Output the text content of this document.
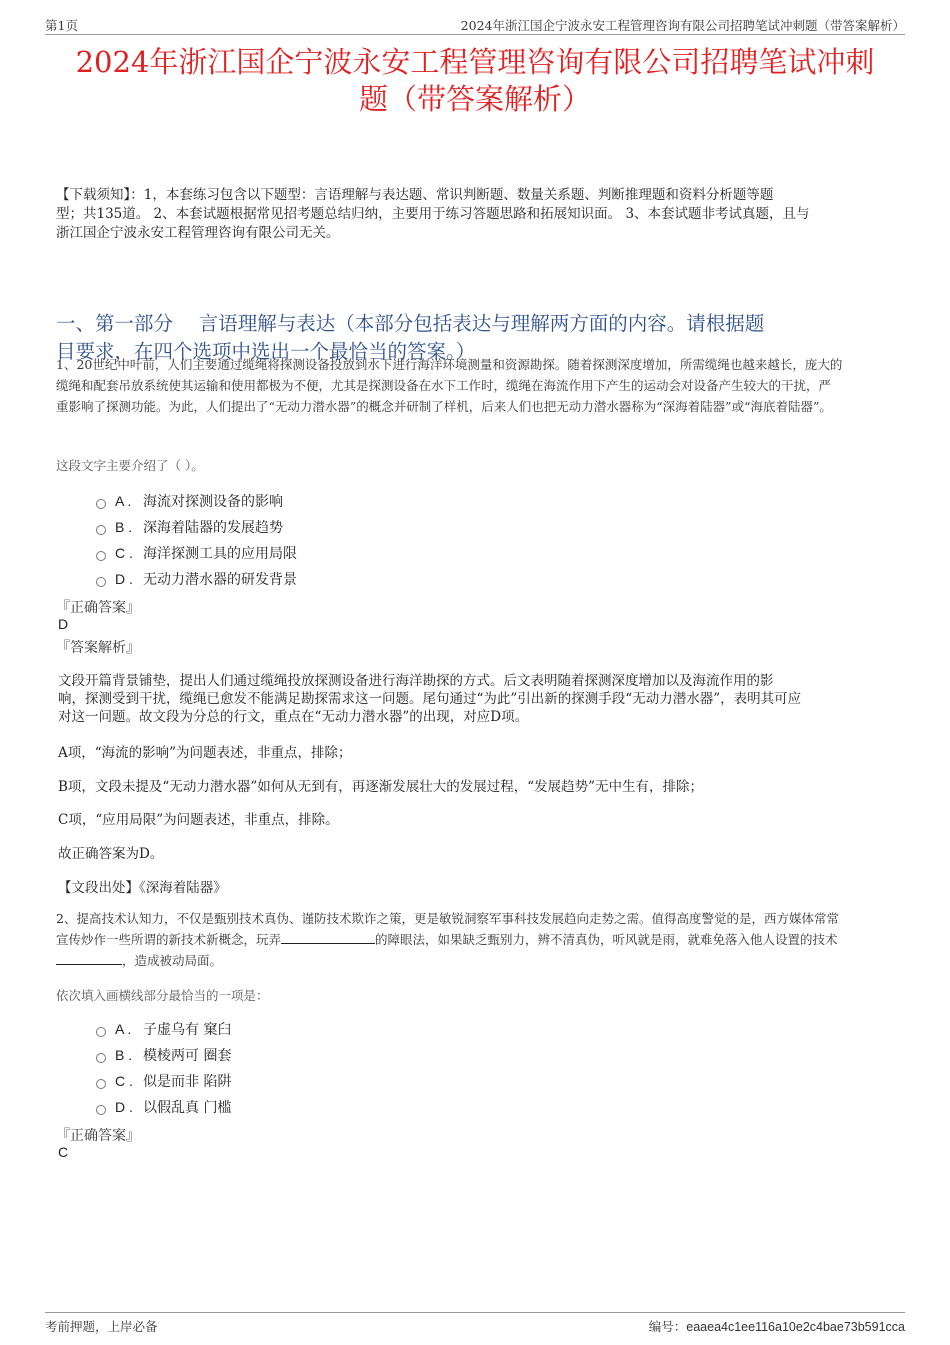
第1页	2024年浙江国企宁波永安工程管理咨询有限公司招聘笔试冲刺题（带答案解析）
2024年浙江国企宁波永安工程管理咨询有限公司招聘笔试冲刺
题（带答案解析）
【下载须知】：1，本套练习包含以下题型：言语理解与表达题、常识判断题、数量关系题、判断推理题和资料分析题等题
型；共135道。 2、本套试题根据常见招考题总结归纳，主要用于练习答题思路和拓展知识面。 3、本套试题非考试真题，且与
浙江国企宁波永安工程管理咨询有限公司无关。
一、第一部分　 言语理解与表达（本部分包括表达与理解两方面的内容。请根据题
目要求，在四个选项中选出一个最恰当的答案。）
1、20世纪中叶前，人们主要通过缆绳将探测设备投放到水下进行海洋环境测量和资源勘探。随着探测深度增加，所需缆绳也越来越长，庞大的
缆绳和配套吊放系统使其运输和使用都极为不便，尤其是探测设备在水下工作时，缆绳在海流作用下产生的运动会对设备产生较大的干扰，严
重影响了探测功能。为此，人们提出了“无动力潜水器”的概念并研制了样机，后来人们也把无动力潜水器称为“深海着陆器”或“海底着陆器”。
这段文字主要介绍了（ ）。
A . 海流对探测设备的影响
B . 深海着陆器的发展趋势
C . 海洋探测工具的应用局限
D . 无动力潜水器的研发背景
『正确答案』
D
『答案解析』
文段开篇背景铺垫，提出人们通过缆绳投放探测设备进行海洋勘探的方式。后文表明随着探测深度增加以及海流作用的影
响，探测受到干扰，缆绳已愈发不能满足勘探需求这一问题。尾句通过“为此”引出新的探测手段“无动力潜水器”，表明其可应
对这一问题。故文段为分总的行文，重点在“无动力潜水器”的出现，对应D项。
A项，“海流的影响”为问题表述，非重点，排除；
B项，文段未提及“无动力潜水器”如何从无到有，再逐渐发展壮大的发展过程，“发展趋势”无中生有，排除；
C项，“应用局限”为问题表述，非重点，排除。
故正确答案为D。
【文段出处】《深海着陆器》
2、提高技术认知力，不仅是甄别技术真伪、谨防技术欺诈之策，更是敏锐洞察军事科技发展趋向走势之需。值得高度警觉的是，西方媒体常常
宣传炒作一些所谓的新技术新概念，玩弄	的障眼法，如果缺乏甄别力，辨不清真伪，听风就是雨，就难免落入他人设置的技术
，造成被动局面。
依次填入画横线部分最恰当的一项是：
A . 子虚乌有 窠臼
B . 模棱两可 圈套
C . 似是而非 陷阱
D . 以假乱真 门槛
『正确答案』
C
考前押题，上岸必备	编号：eaaea4c1ee116a10e2c4bae73b591cca
